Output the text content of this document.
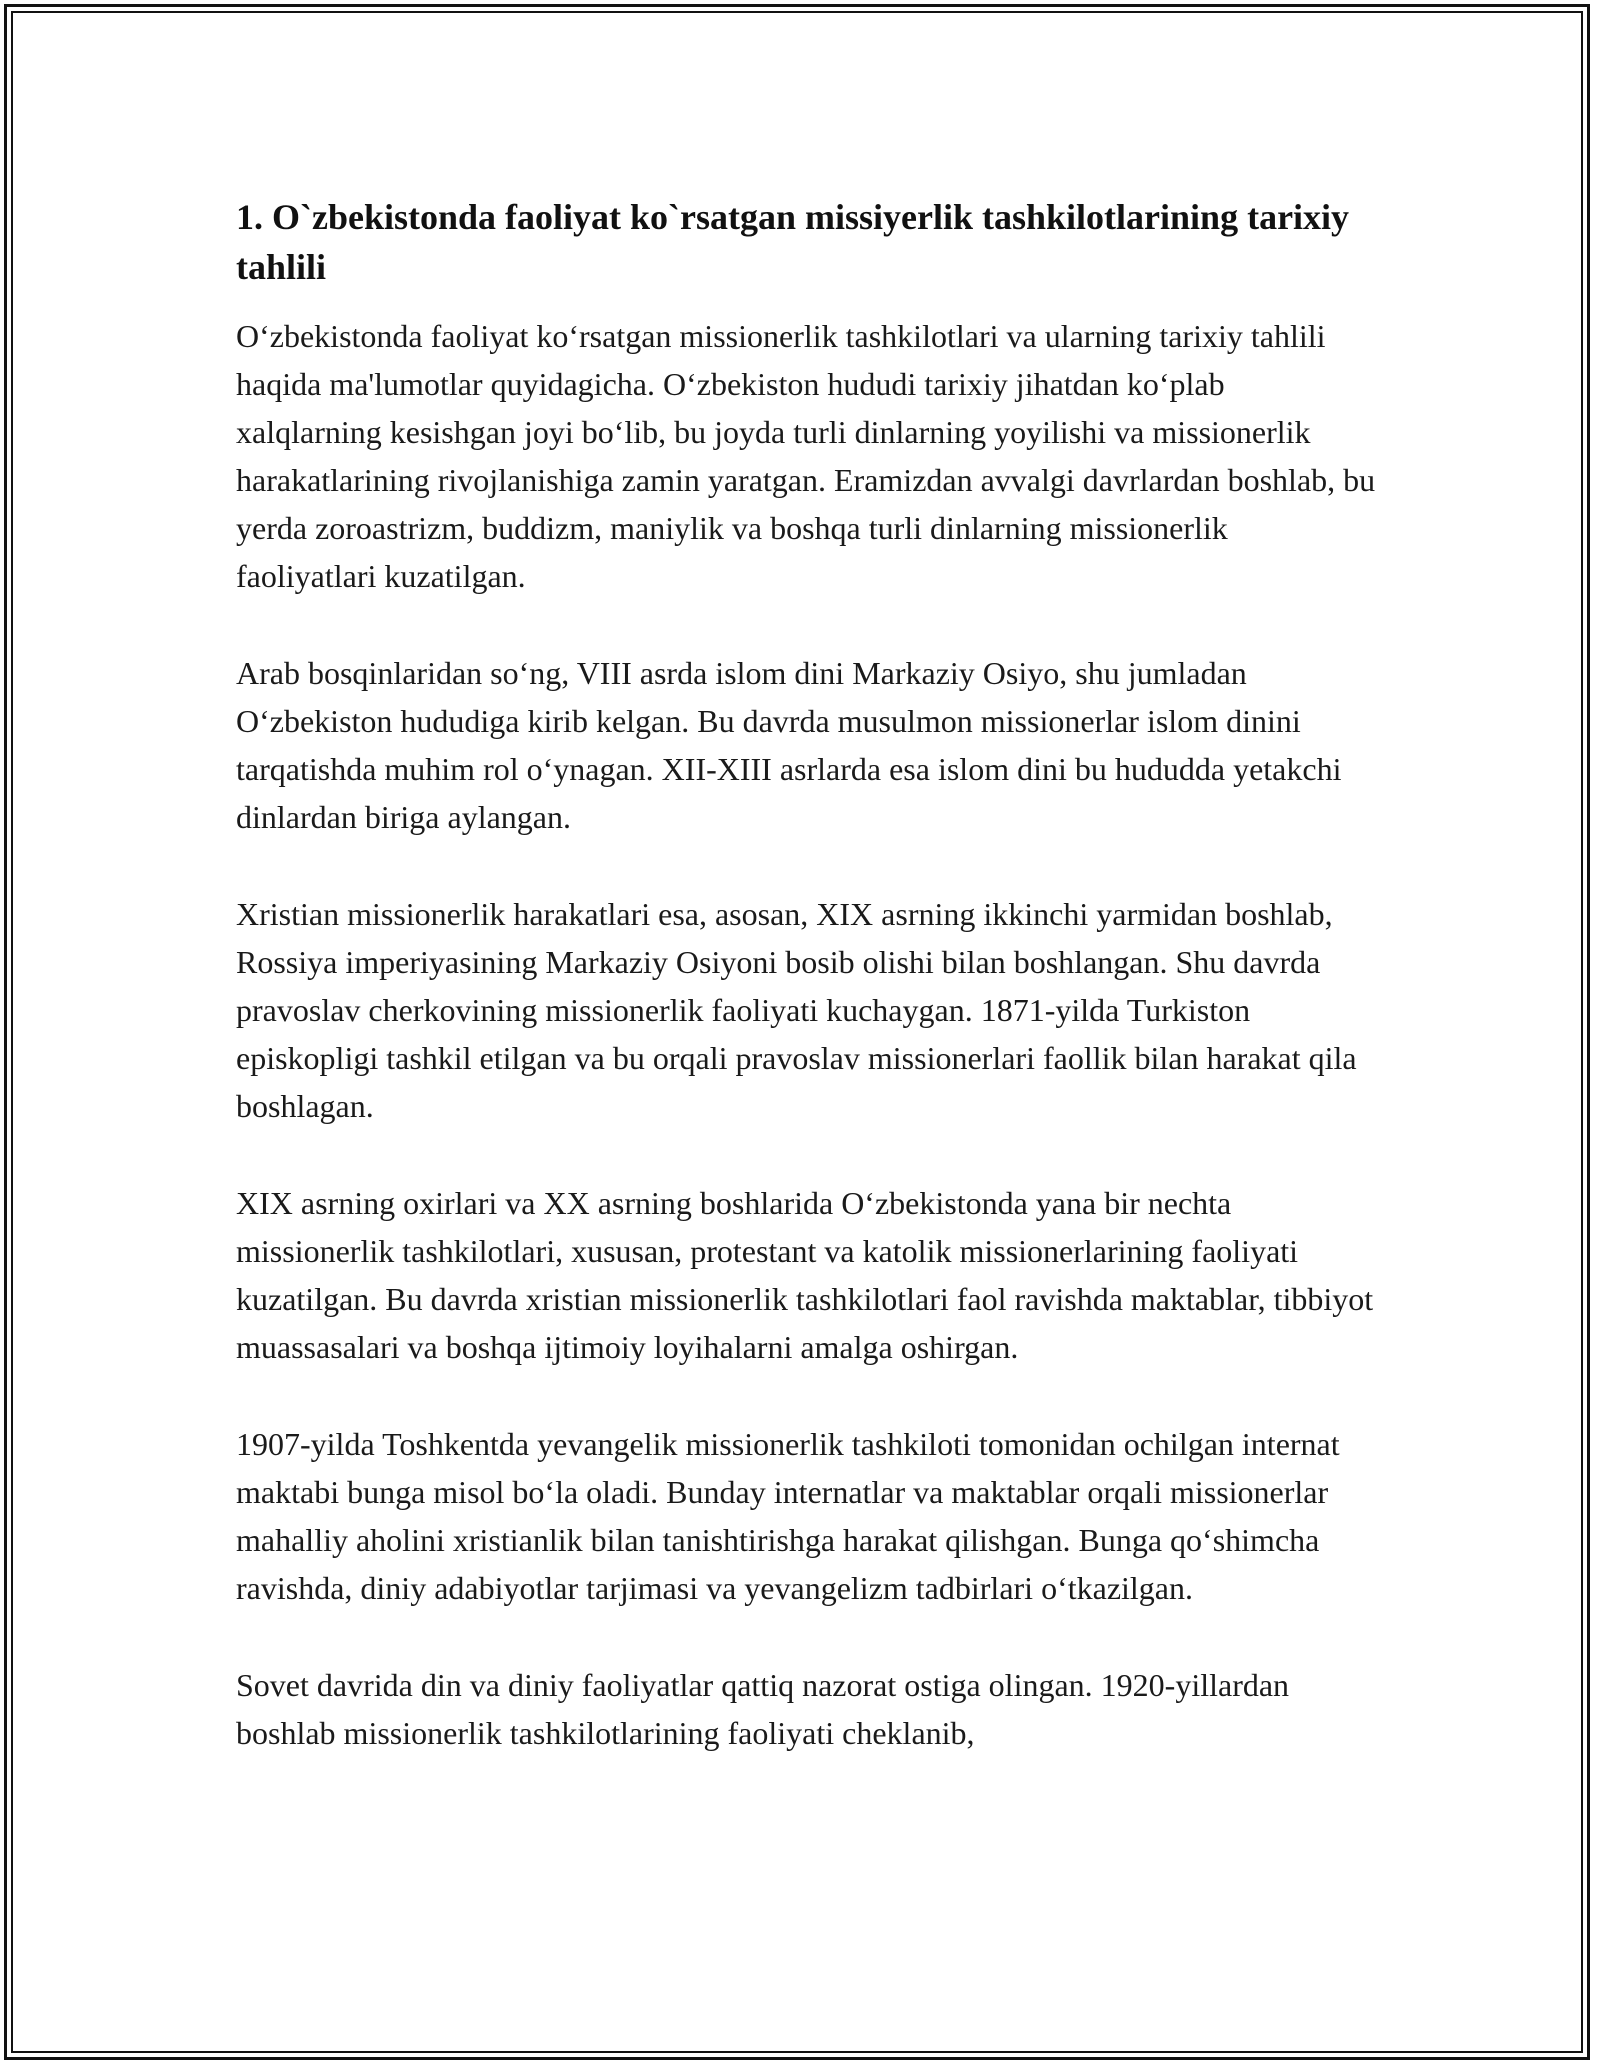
1. O`zbekistonda faoliyat ko`rsatgan missiyerlik tashkilotlarining tarixiy tahlili

O‘zbekistonda faoliyat ko‘rsatgan missionerlik tashkilotlari va ularning tarixiy tahlili haqida ma'lumotlar quyidagicha. O‘zbekiston hududi tarixiy jihatdan ko‘plab xalqlarning kesishgan joyi bo‘lib, bu joyda turli dinlarning yoyilishi va missionerlik harakatlarining rivojlanishiga zamin yaratgan. Eramizdan avvalgi davrlardan boshlab, bu yerda zoroastrizm, buddizm, maniylik va boshqa turli dinlarning missionerlik faoliyatlari kuzatilgan.

Arab bosqinlaridan so‘ng, VIII asrda islom dini Markaziy Osiyo, shu jumladan O‘zbekiston hududiga kirib kelgan. Bu davrda musulmon missionerlar islom dinini tarqatishda muhim rol o‘ynagan. XII-XIII asrlarda esa islom dini bu hududda yetakchi dinlardan biriga aylangan.

Xristian missionerlik harakatlari esa, asosan, XIX asrning ikkinchi yarmidan boshlab, Rossiya imperiyasining Markaziy Osiyoni bosib olishi bilan boshlangan. Shu davrda pravoslav cherkovining missionerlik faoliyati kuchaygan. 1871-yilda Turkiston episkopligi tashkil etilgan va bu orqali pravoslav missionerlari faollik bilan harakat qila boshlagan.

XIX asrning oxirlari va XX asrning boshlarida O‘zbekistonda yana bir nechta missionerlik tashkilotlari, xususan, protestant va katolik missionerlarining faoliyati kuzatilgan. Bu davrda xristian missionerlik tashkilotlari faol ravishda maktablar, tibbiyot muassasalari va boshqa ijtimoiy loyihalarni amalga oshirgan.

1907-yilda Toshkentda yevangelik missionerlik tashkiloti tomonidan ochilgan internat maktabi bunga misol bo‘la oladi. Bunday internatlar va maktablar orqali missionerlar mahalliy aholini xristianlik bilan tanishtirishga harakat qilishgan. Bunga qo‘shimcha ravishda, diniy adabiyotlar tarjimasi va yevangelizm tadbirlari o‘tkazilgan.

Sovet davrida din va diniy faoliyatlar qattiq nazorat ostiga olingan. 1920-yillardan boshlab missionerlik tashkilotlarining faoliyati cheklanib,
